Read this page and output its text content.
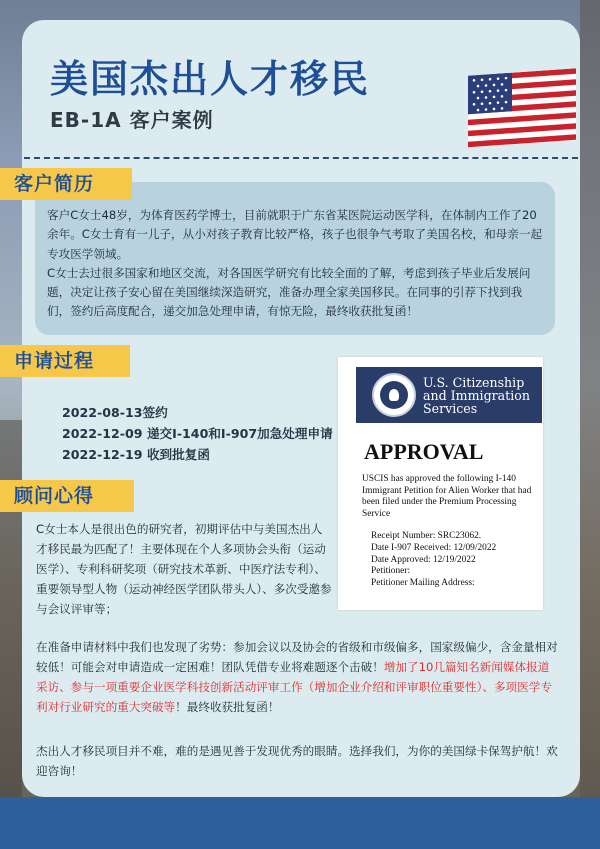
美国杰出人才移民
EB-1A 客户案例

客户C女士48岁，为体育医药学博士，目前就职于广东省某医院运动医学科，在体制内工作了20余年。C女士育有一儿子，从小对孩子教育比较严格，孩子也很争气考取了美国名校，和母亲一起专攻医学领域。

C女士去过很多国家和地区交流，对各国医学研究有比较全面的了解，考虑到孩子毕业后发展问题，决定让孩子安心留在美国继续深造研究，准备办理全家美国移民。在同事的引荐下找到我们，签约后高度配合，递交加急处理申请，有惊无险，最终收获批复函！

客户简历
申请过程
2022-08-13签约
2022-12-09 递交I-140和I-907加急处理申请
2022-12-19 收到批复函
U.S. Citizenship
and Immigration
Services
APPROVAL
USCIS has approved the following I-140 Immigrant Petition for Alien Worker that had been filed under the Premium Processing Service
Receipt Number: SRC23062.
Date I-907 Received: 12/09/2022
Date Approved: 12/19/2022
Petitioner:
Petitioner Mailing Address:
顾问心得
C女士本人是很出色的研究者，初期评估中与美国杰出人才移民最为匹配了！主要体现在个人多项协会头衔（运动医学）、专利科研奖项（研究技术革新、中医疗法专利）、重要领导型人物（运动神经医学团队带头人）、多次受邀参与会议评审等；
在准备申请材料中我们也发现了劣势：参加会议以及协会的省级和市级偏多，国家级偏少，含金量相对较低！可能会对申请造成一定困难！团队凭借专业将难题逐个击破！增加了10几篇知名新闻媒体报道采访、参与一项重要企业医学科技创新活动评审工作（增加企业介绍和评审职位重要性）、多项医学专利对行业研究的重大突破等！最终收获批复函！
杰出人才移民项目并不难，难的是遇见善于发现优秀的眼睛。选择我们，为你的美国绿卡保驾护航！欢迎咨询！
